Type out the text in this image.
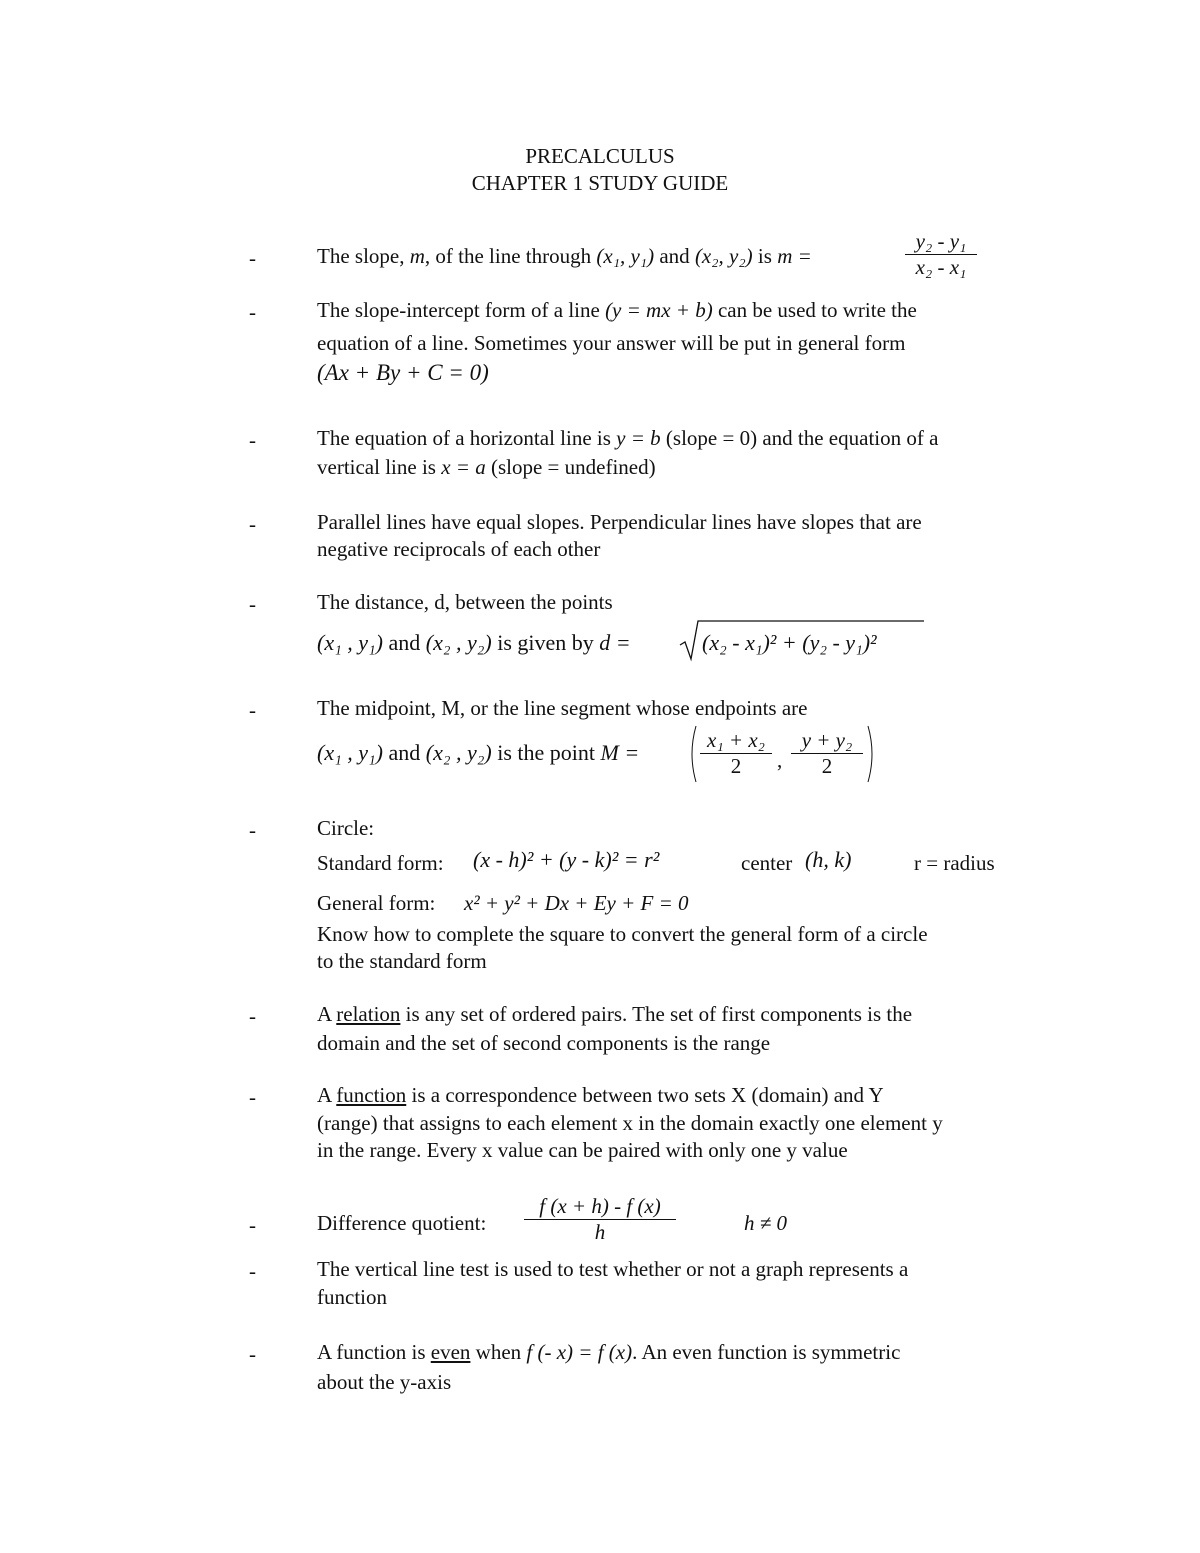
PRECALCULUS
CHAPTER 1 STUDY GUIDE
-	The slope, m, of the line through (x₁, y₁) and (x₂, y₂) is m =
y₂ - y₁
x₂ - x₁
-	The slope-intercept form of a line (y = mx + b) can be used to write the
equation of a line. Sometimes your answer will be put in general form
(Ax + By + C = 0)
-	The equation of a horizontal line is y = b (slope = 0) and the equation of a
vertical line is x = a (slope = undefined)
-	Parallel lines have equal slopes. Perpendicular lines have slopes that are
negative reciprocals of each other
-	The distance, d, between the points
(x₁ , y₁) and (x₂ , y₂) is given by d =	(x₂ - x₁)² + (y₂ - y₁)²
-	The midpoint, M, or the line segment whose endpoints are
(x₁ , y₁) and (x₂ , y₂) is the point M =	x₁ + x₂
2	,
y + y₂
2
-	Circle:
Standard form: (x - h)² + (y - k)² = r²	center (h, k)	r = radius
General form: x² + y² + Dx + Ey + F = 0
Know how to complete the square to convert the general form of a circle
to the standard form
-	A relation is any set of ordered pairs. The set of first components is the
domain and the set of second components is the range
-	A function is a correspondence between two sets X (domain) and Y
(range) that assigns to each element x in the domain exactly one element y
in the range. Every x value can be paired with only one y value
-	Difference quotient:
f (x + h) - f (x)
h	h ≠ 0
-	The vertical line test is used to test whether or not a graph represents a
function
-	A function is even when f (- x) = f (x). An even function is symmetric
about the y-axis
